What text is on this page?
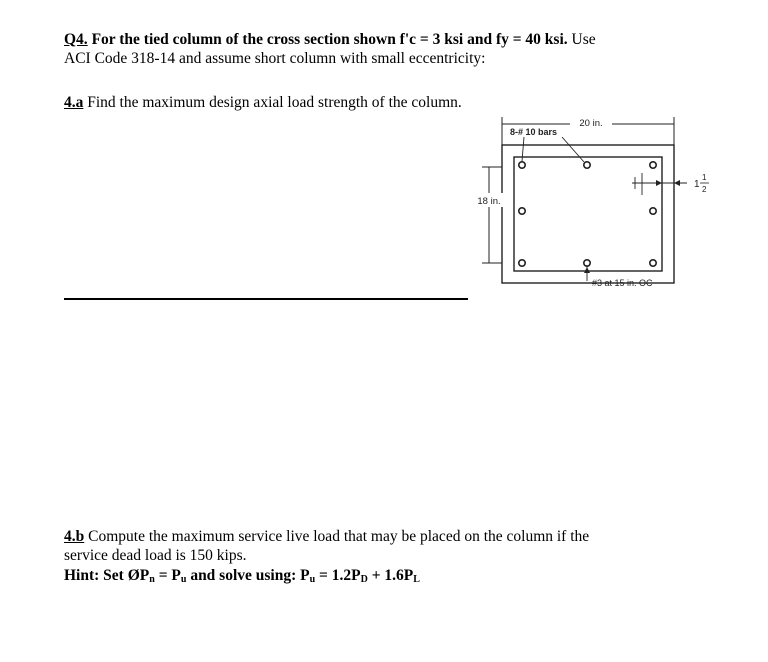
Q4. For the tied column of the cross section shown f'c = 3 ksi and fy = 40 ksi. Use
ACI Code 318-14 and assume short column with small eccentricity:
4.a Find the maximum design axial load strength of the column.
20 in.
8-# 10 bars
18 in.
1
1
2
#3 at 15 in. OC
4.b Compute the maximum service live load that may be placed on the column if the
service dead load is 150 kips.
Hint: Set $ØP_n = P_u$ and solve using: $P_u = 1.2P_D + 1.6P_L$
